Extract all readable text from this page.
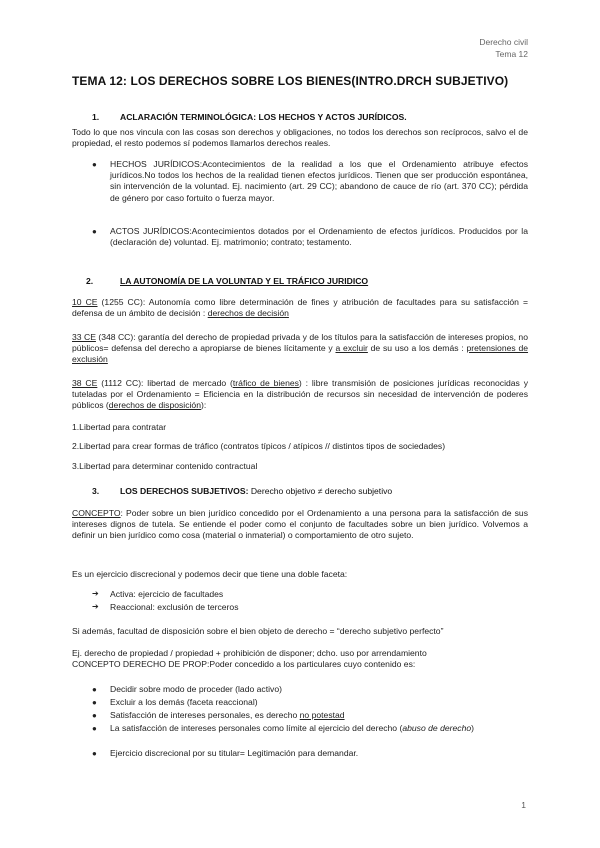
Derecho civil
Tema 12
TEMA 12: LOS DERECHOS SOBRE LOS BIENES(INTRO.DRCH SUBJETIVO)
1. ACLARACIÓN TERMINOLÓGICA: LOS HECHOS Y ACTOS JURÍDICOS.
Todo lo que nos vincula con las cosas son derechos y obligaciones, no todos los derechos son recíprocos, salvo el de propiedad, el resto podemos sí podemos llamarlos derechos reales.
● HECHOS JURÍDICOS:Acontecimientos de la realidad a los que el Ordenamiento atribuye efectos jurídicos.No todos los hechos de la realidad tienen efectos jurídicos. Tienen que ser producción espontánea, sin intervención de la voluntad. Ej. nacimiento (art. 29 CC); abandono de cauce de río (art. 370 CC); pérdida de género por caso fortuito o fuerza mayor.
● ACTOS JURÍDICOS:Acontecimientos dotados por el Ordenamiento de efectos jurídicos. Producidos por la (declaración de) voluntad. Ej. matrimonio; contrato; testamento.
2.	LA AUTONOMÍA DE LA VOLUNTAD Y EL TRÁFICO JURIDICO
10 CE (1255 CC): Autonomía como libre determinación de fines y atribución de facultades para su satisfacción = defensa de un ámbito de decisión : derechos de decisión
33 CE (348 CC): garantía del derecho de propiedad privada y de los títulos para la satisfacción de intereses propios, no públicos= defensa del derecho a apropiarse de bienes lícitamente y a excluir de su uso a los demás : pretensiones de exclusión
38 CE (1112 CC): libertad de mercado (tráfico de bienes) : libre transmisión de posiciones jurídicas reconocidas y tuteladas por el Ordenamiento = Eficiencia en la distribución de recursos sin necesidad de intervención de poderes públicos (derechos de disposición):
1.Libertad para contratar
2.Libertad para crear formas de tráfico (contratos típicos / atípicos // distintos tipos de sociedades)
3.Libertad para determinar contenido contractual
3. LOS DERECHOS SUBJETIVOS: Derecho objetivo ≠ derecho subjetivo
CONCEPTO: Poder sobre un bien jurídico concedido por el Ordenamiento a una persona para la satisfacción de sus intereses dignos de tutela. Se entiende el poder como el conjunto de facultades sobre un bien jurídico. Volvemos a definir un bien jurídico como cosa (material o inmaterial) o comportamiento de otro sujeto.
Es un ejercicio discrecional y podemos decir que tiene una doble faceta:
➔ Activa: ejercicio de facultades
➔ Reaccional: exclusión de terceros
Si además, facultad de disposición sobre el bien objeto de derecho = “derecho subjetivo perfecto”
Ej. derecho de propiedad / propiedad + prohibición de disponer; dcho. uso por arrendamiento
CONCEPTO DERECHO DE PROP:Poder concedido a los particulares cuyo contenido es:
● Decidir sobre modo de proceder (lado activo)
● Excluir a los demás (faceta reaccional)
● Satisfacción de intereses personales, es derecho no potestad
● La satisfacción de intereses personales como límite al ejercicio del derecho (abuso de derecho)
● Ejercicio discrecional por su titular= Legitimación para demandar.
1
